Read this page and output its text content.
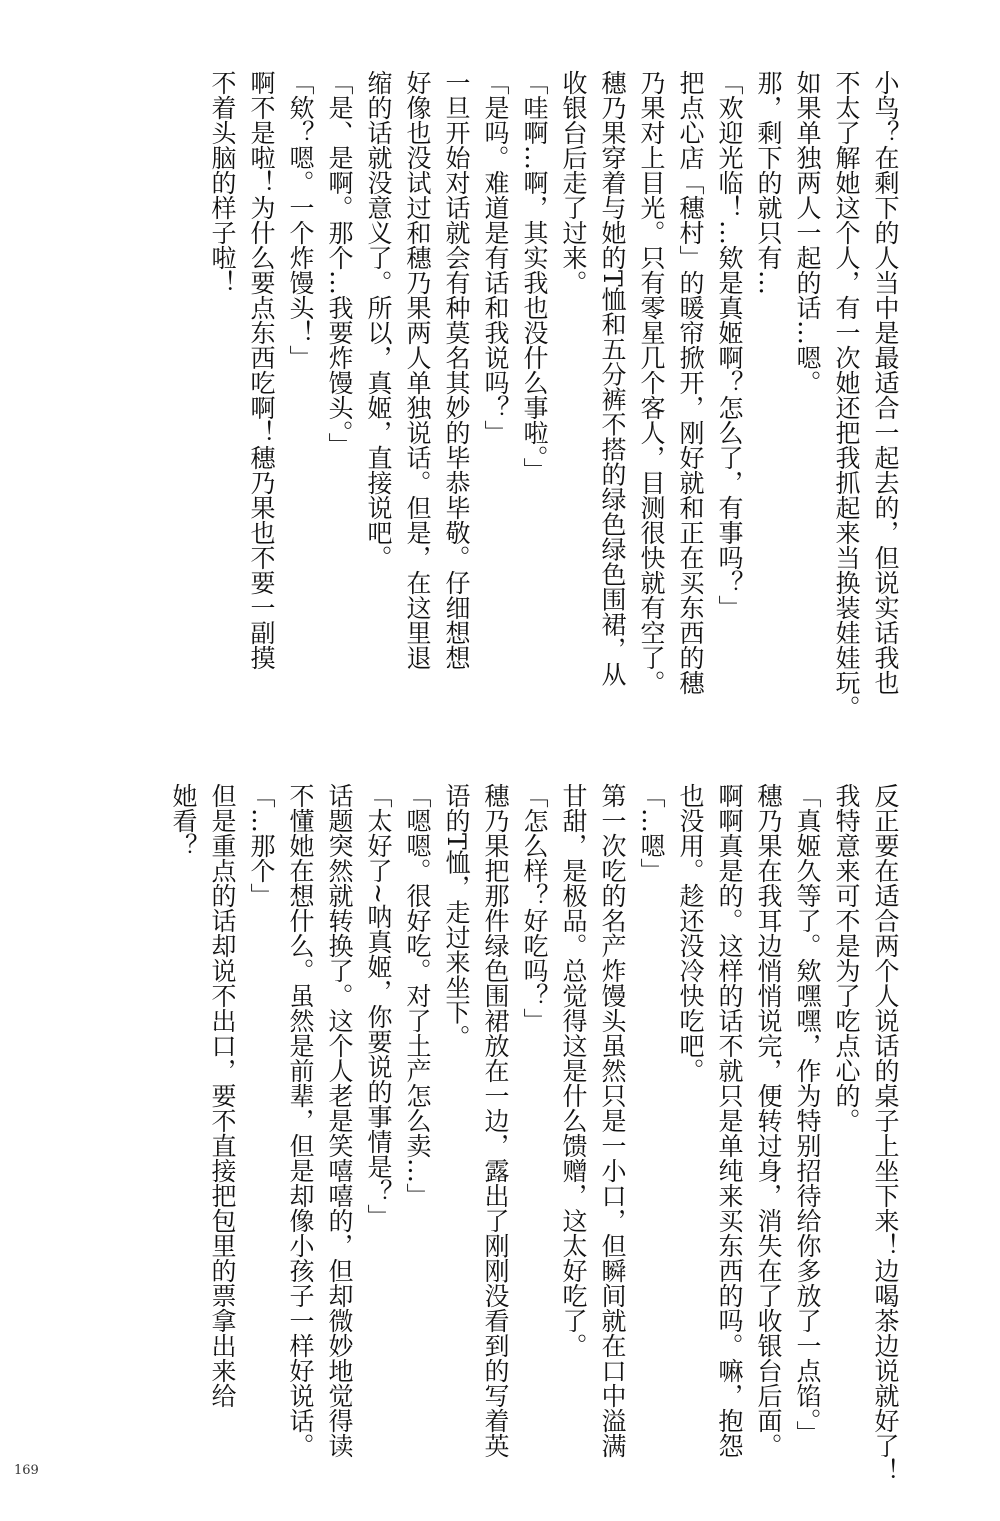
小鸟？在剩下的人当中是最适合一起去的，但说实话我也
不太了解她这个人，有一次她还把我抓起来当换装娃娃玩。
如果单独两人一起的话…嗯。
那，剩下的就只有…
「欢迎光临！…欸是真姬啊？怎么了，有事吗？」
把点心店「穗村」的暖帘掀开，刚好就和正在买东西的穗
乃果对上目光。只有零星几个客人，目测很快就有空了。
穗乃果穿着与她的T恤和五分裤不搭的绿色绿色围裙，从
收银台后走了过来。
「哇啊…啊，其实我也没什么事啦。」
「是吗。难道是有话和我说吗？」
一旦开始对话就会有种莫名其妙的毕恭毕敬。仔细想想
好像也没试过和穗乃果两人单独说话。但是，在这里退
缩的话就没意义了。所以，真姬，直接说吧。
「是、是啊。那个…我要炸馒头。」
「欸？嗯。一个炸馒头！」
啊不是啦！为什么要点东西吃啊！穗乃果也不要一副摸
不着头脑的样子啦！
反正要在适合两个人说话的桌子上坐下来！边喝茶边说就好了！
我特意来可不是为了吃点心的。
「真姬久等了。欸嘿嘿，作为特别招待给你多放了一点馅。」
穗乃果在我耳边悄悄说完，便转过身，消失在了收银台后面。
啊啊真是的。这样的话不就只是单纯来买东西的吗。嘛，抱怨
也没用。趁还没冷快吃吧。
「…嗯」
第一次吃的名产炸馒头虽然只是一小口，但瞬间就在口中溢满
甘甜，是极品。总觉得这是什么馈赠，这太好吃了。
「怎么样？好吃吗？」
穗乃果把那件绿色围裙放在一边，露出了刚刚没看到的写着英
语的T恤，走过来坐下。
「嗯嗯。很好吃。对了土产怎么卖…」
「太好了~呐真姬，你要说的事情是？」
话题突然就转换了。这个人老是笑嘻嘻的，但却微妙地觉得读
不懂她在想什么。虽然是前辈，但是却像小孩子一样好说话。
「…那个」
但是重点的话却说不出口，要不直接把包里的票拿出来给
她看？
169
